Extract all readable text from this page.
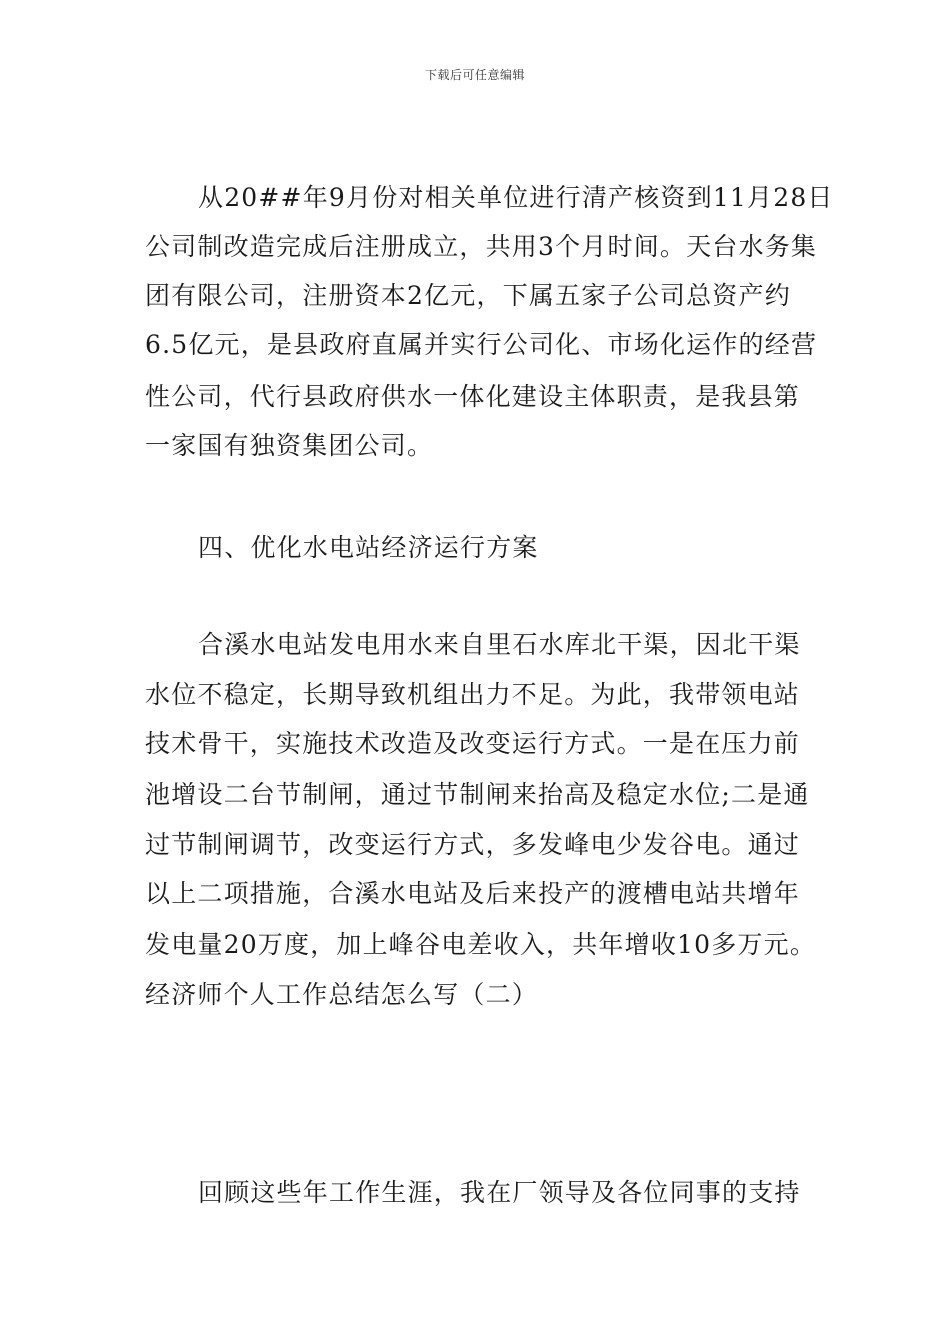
下载后可任意编辑
从20##年9月份对相关单位进行清产核资到11月28日
公司制改造完成后注册成立，共用3个月时间。天台水务集
团有限公司，注册资本2亿元，下属五家子公司总资产约
6.5亿元，是县政府直属并实行公司化、市场化运作的经营
性公司，代行县政府供水一体化建设主体职责，是我县第
一家国有独资集团公司。
四、优化水电站经济运行方案
合溪水电站发电用水来自里石水库北干渠，因北干渠
水位不稳定，长期导致机组出力不足。为此，我带领电站
技术骨干，实施技术改造及改变运行方式。一是在压力前
池增设二台节制闸，通过节制闸来抬高及稳定水位;二是通
过节制闸调节，改变运行方式，多发峰电少发谷电。通过
以上二项措施，合溪水电站及后来投产的渡槽电站共增年
发电量20万度，加上峰谷电差收入，共年增收10多万元。
经济师个人工作总结怎么写（二）
回顾这些年工作生涯，我在厂领导及各位同事的支持
